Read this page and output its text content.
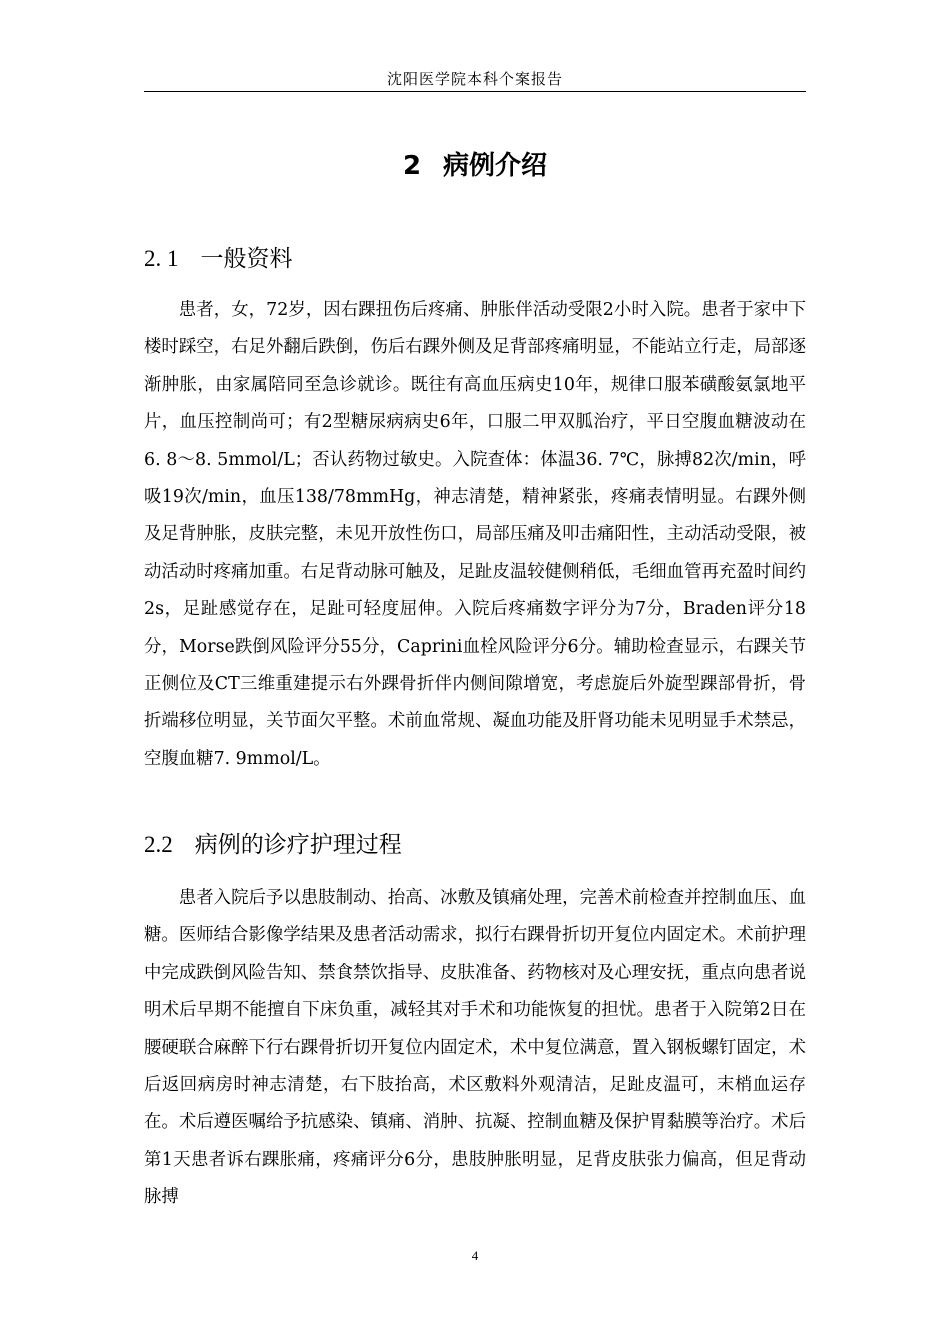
沈阳医学院本科个案报告
2 病例介绍
2. 1 一般资料

患者，女，72岁，因右踝扭伤后疼痛、肿胀伴活动受限2小时入院。患者于家中下楼时踩空，右足外翻后跌倒，伤后右踝外侧及足背部疼痛明显，不能站立行走，局部逐渐肿胀，由家属陪同至急诊就诊。既往有高血压病史10年，规律口服苯磺酸氨氯地平片，血压控制尚可；有2型糖尿病病史6年，口服二甲双胍治疗，平日空腹血糖波动在6. 8～8. 5mmol/L；否认药物过敏史。入院查体：体温36. 7℃，脉搏82次/min，呼吸19次/min，血压138/78mmHg，神志清楚，精神紧张，疼痛表情明显。右踝外侧及足背肿胀，皮肤完整，未见开放性伤口，局部压痛及叩击痛阳性，主动活动受限，被动活动时疼痛加重。右足背动脉可触及，足趾皮温较健侧稍低，毛细血管再充盈时间约2s，足趾感觉存在，足趾可轻度屈伸。入院后疼痛数字评分为7分，Braden评分18分，Morse跌倒风险评分55分，Caprini血栓风险评分6分。辅助检查显示，右踝关节正侧位及CT三维重建提示右外踝骨折伴内侧间隙增宽，考虑旋后外旋型踝部骨折，骨折端移位明显，关节面欠平整。术前血常规、凝血功能及肝肾功能未见明显手术禁忌，空腹血糖7. 9mmol/L。

2.2 病例的诊疗护理过程

患者入院后予以患肢制动、抬高、冰敷及镇痛处理，完善术前检查并控制血压、血糖。医师结合影像学结果及患者活动需求，拟行右踝骨折切开复位内固定术。术前护理中完成跌倒风险告知、禁食禁饮指导、皮肤准备、药物核对及心理安抚，重点向患者说明术后早期不能擅自下床负重，减轻其对手术和功能恢复的担忧。患者于入院第2日在腰硬联合麻醉下行右踝骨折切开复位内固定术，术中复位满意，置入钢板螺钉固定，术后返回病房时神志清楚，右下肢抬高，术区敷料外观清洁，足趾皮温可，末梢血运存在。术后遵医嘱给予抗感染、镇痛、消肿、抗凝、控制血糖及保护胃黏膜等治疗。术后第1天患者诉右踝胀痛，疼痛评分6分，患肢肿胀明显，足背皮肤张力偏高，但足背动脉搏

4
